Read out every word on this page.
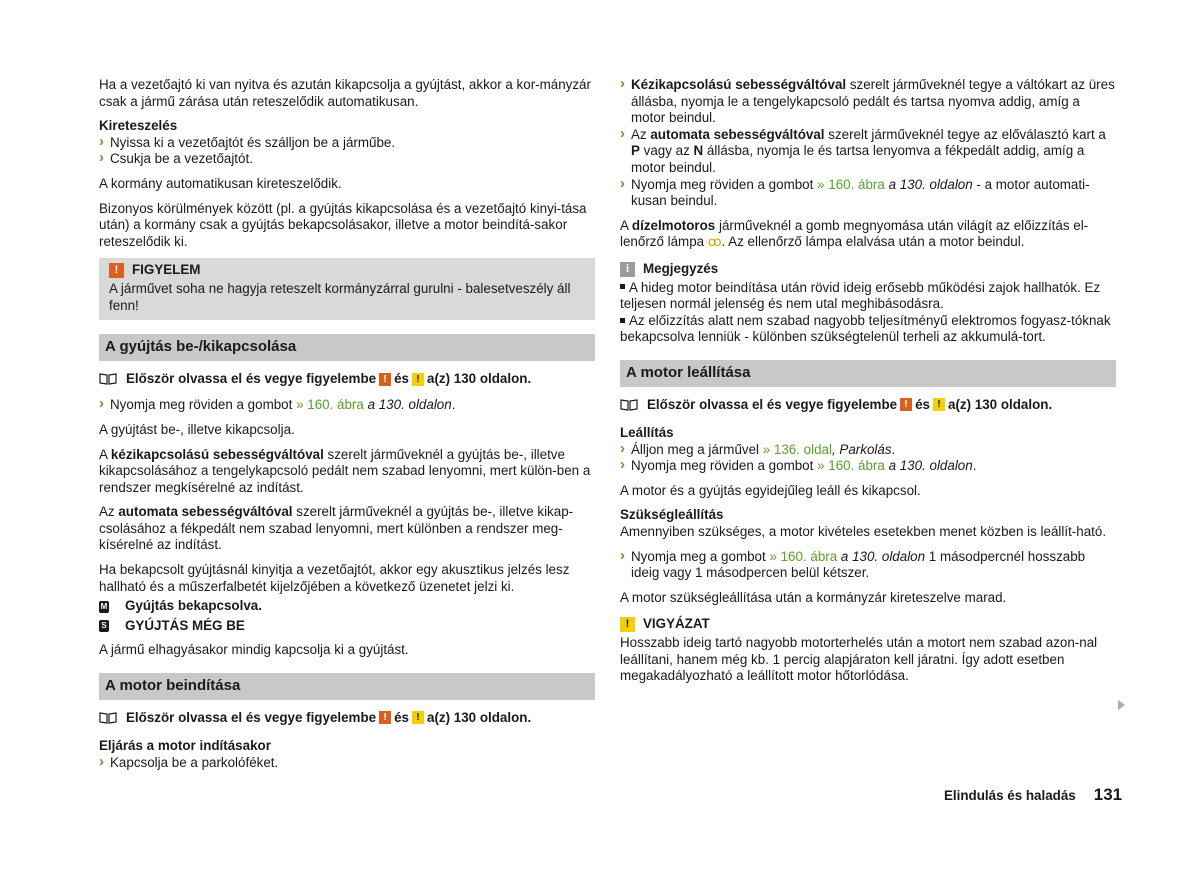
Ha a vezetőajtó ki van nyitva és azután kikapcsolja a gyújtást, akkor a kor-mányzár csak a jármű zárása után reteszelődik automatikusan.

Kireteszelés

› Nyissa ki a vezetőajtót és szálljon be a járműbe.

› Csukja be a vezetőajtót.

A kormány automatikusan kireteszelődik.

Bizonyos körülmények között (pl. a gyújtás kikapcsolása és a vezetőajtó kinyi-tása után) a kormány csak a gyújtás bekapcsolásakor, illetve a motor beindítá-sakor reteszelődik ki.

!	FIGYELEM
A járművet soha ne hagyja reteszelt kormányzárral gurulni - balesetveszély áll fenn!
A gyújtás be-/kikapcsolása
Először olvassa el és vegye figyelembe ! és ! a(z) 130 oldalon.

› Nyomja meg röviden a gombot » 160. ábra a 130. oldalon.

A gyújtást be-, illetve kikapcsolja.

A kézikapcsolású sebességváltóval szerelt járműveknél a gyújtás be-, illetve kikapcsolásához a tengelykapcsoló pedált nem szabad lenyomni, mert külön-ben a rendszer megkísérelné az indítást.

Az automata sebességváltóval szerelt járműveknél a gyújtás be-, illetve kikap-csolásához a fékpedált nem szabad lenyomni, mert különben a rendszer meg-kísérelné az indítást.

Ha bekapcsolt gyújtásnál kinyitja a vezetőajtót, akkor egy akusztikus jelzés lesz hallható és a műszerfalbetét kijelzőjében a következő üzenetet jelzi ki.

M Gyújtás bekapcsolva.
S GYÚJTÁS MÉG BE

A jármű elhagyásakor mindig kapcsolja ki a gyújtást.

A motor beindítása
Először olvassa el és vegye figyelembe ! és ! a(z) 130 oldalon.

Eljárás a motor indításakor

› Kapcsolja be a parkolóféket.

› Kézikapcsolású sebességváltóval szerelt járműveknél tegye a váltókart az üres állásba, nyomja le a tengelykapcsoló pedált és tartsa nyomva addig, amíg a motor beindul.

› Az automata sebességváltóval szerelt járműveknél tegye az előválasztó kart a P vagy az N állásba, nyomja le és tartsa lenyomva a fékpedált addig, amíg a motor beindul.

› Nyomja meg röviden a gombot » 160. ábra a 130. oldalon - a motor automati-kusan beindul.

A dízelmotoros járműveknél a gomb megnyomása után világít az előizzítás el-lenőrző lámpa ꝏ. Az ellenőrző lámpa elalvása után a motor beindul.

i	Megjegyzés

A hideg motor beindítása után rövid ideig erősebb működési zajok hallhatók. Ez teljesen normál jelenség és nem utal meghibásodásra.

Az előizzítás alatt nem szabad nagyobb teljesítményű elektromos fogyasz-tóknak bekapcsolva lenniük - különben szükségtelenül terheli az akkumulá-tort.

A motor leállítása
Először olvassa el és vegye figyelembe ! és ! a(z) 130 oldalon.

Leállítás

› Álljon meg a járművel » 136. oldal, Parkolás.

› Nyomja meg röviden a gombot » 160. ábra a 130. oldalon.

A motor és a gyújtás egyidejűleg leáll és kikapcsol.

Szükségleállítás

Amennyiben szükséges, a motor kivételes esetekben menet közben is leállít-ható.

› Nyomja meg a gombot » 160. ábra a 130. oldalon 1 másodpercnél hosszabb ideig vagy 1 másodpercen belül kétszer.

A motor szükségleállítása után a kormányzár kireteszelve marad.

!	VIGYÁZAT
Hosszabb ideig tartó nagyobb motorterhelés után a motort nem szabad azon-nal leállítani, hanem még kb. 1 percig alapjáraton kell járatni. Így adott esetben megakadályozható a leállított motor hőtorlódása.
Elindulás és haladás 131
